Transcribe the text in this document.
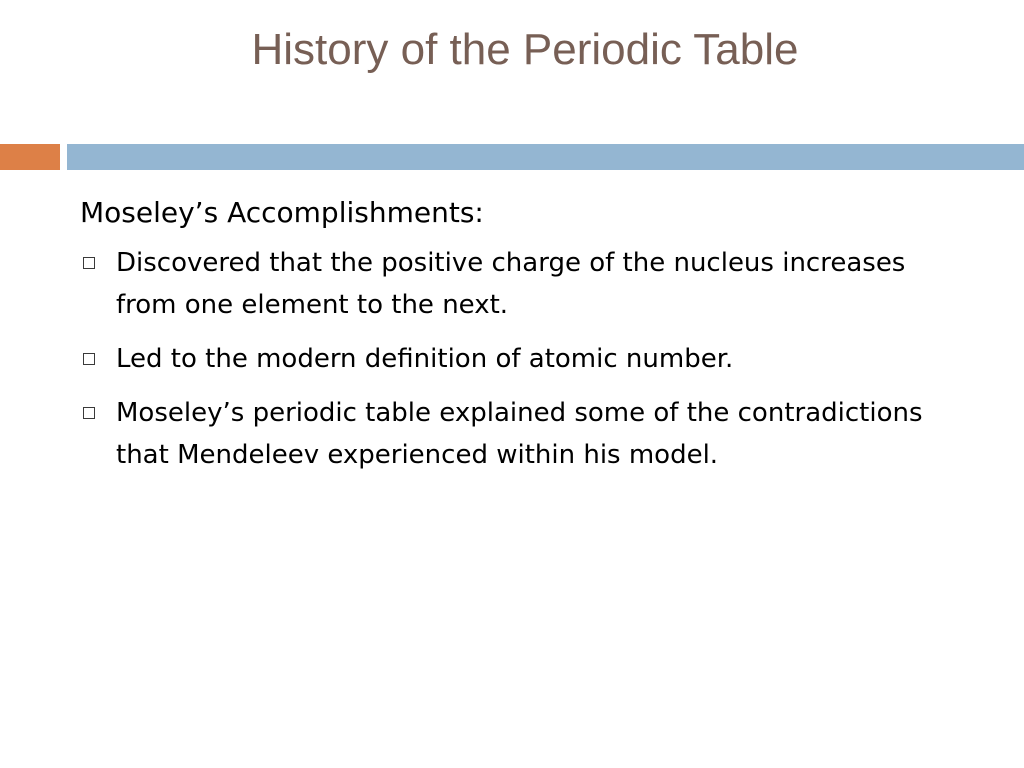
History of the Periodic Table
Moseley’s Accomplishments:
Discovered that the positive charge of the nucleus increases from one element to the next.
Led to the modern definition of atomic number.
Moseley’s periodic table explained some of the contradictions that Mendeleev experienced within his model.
